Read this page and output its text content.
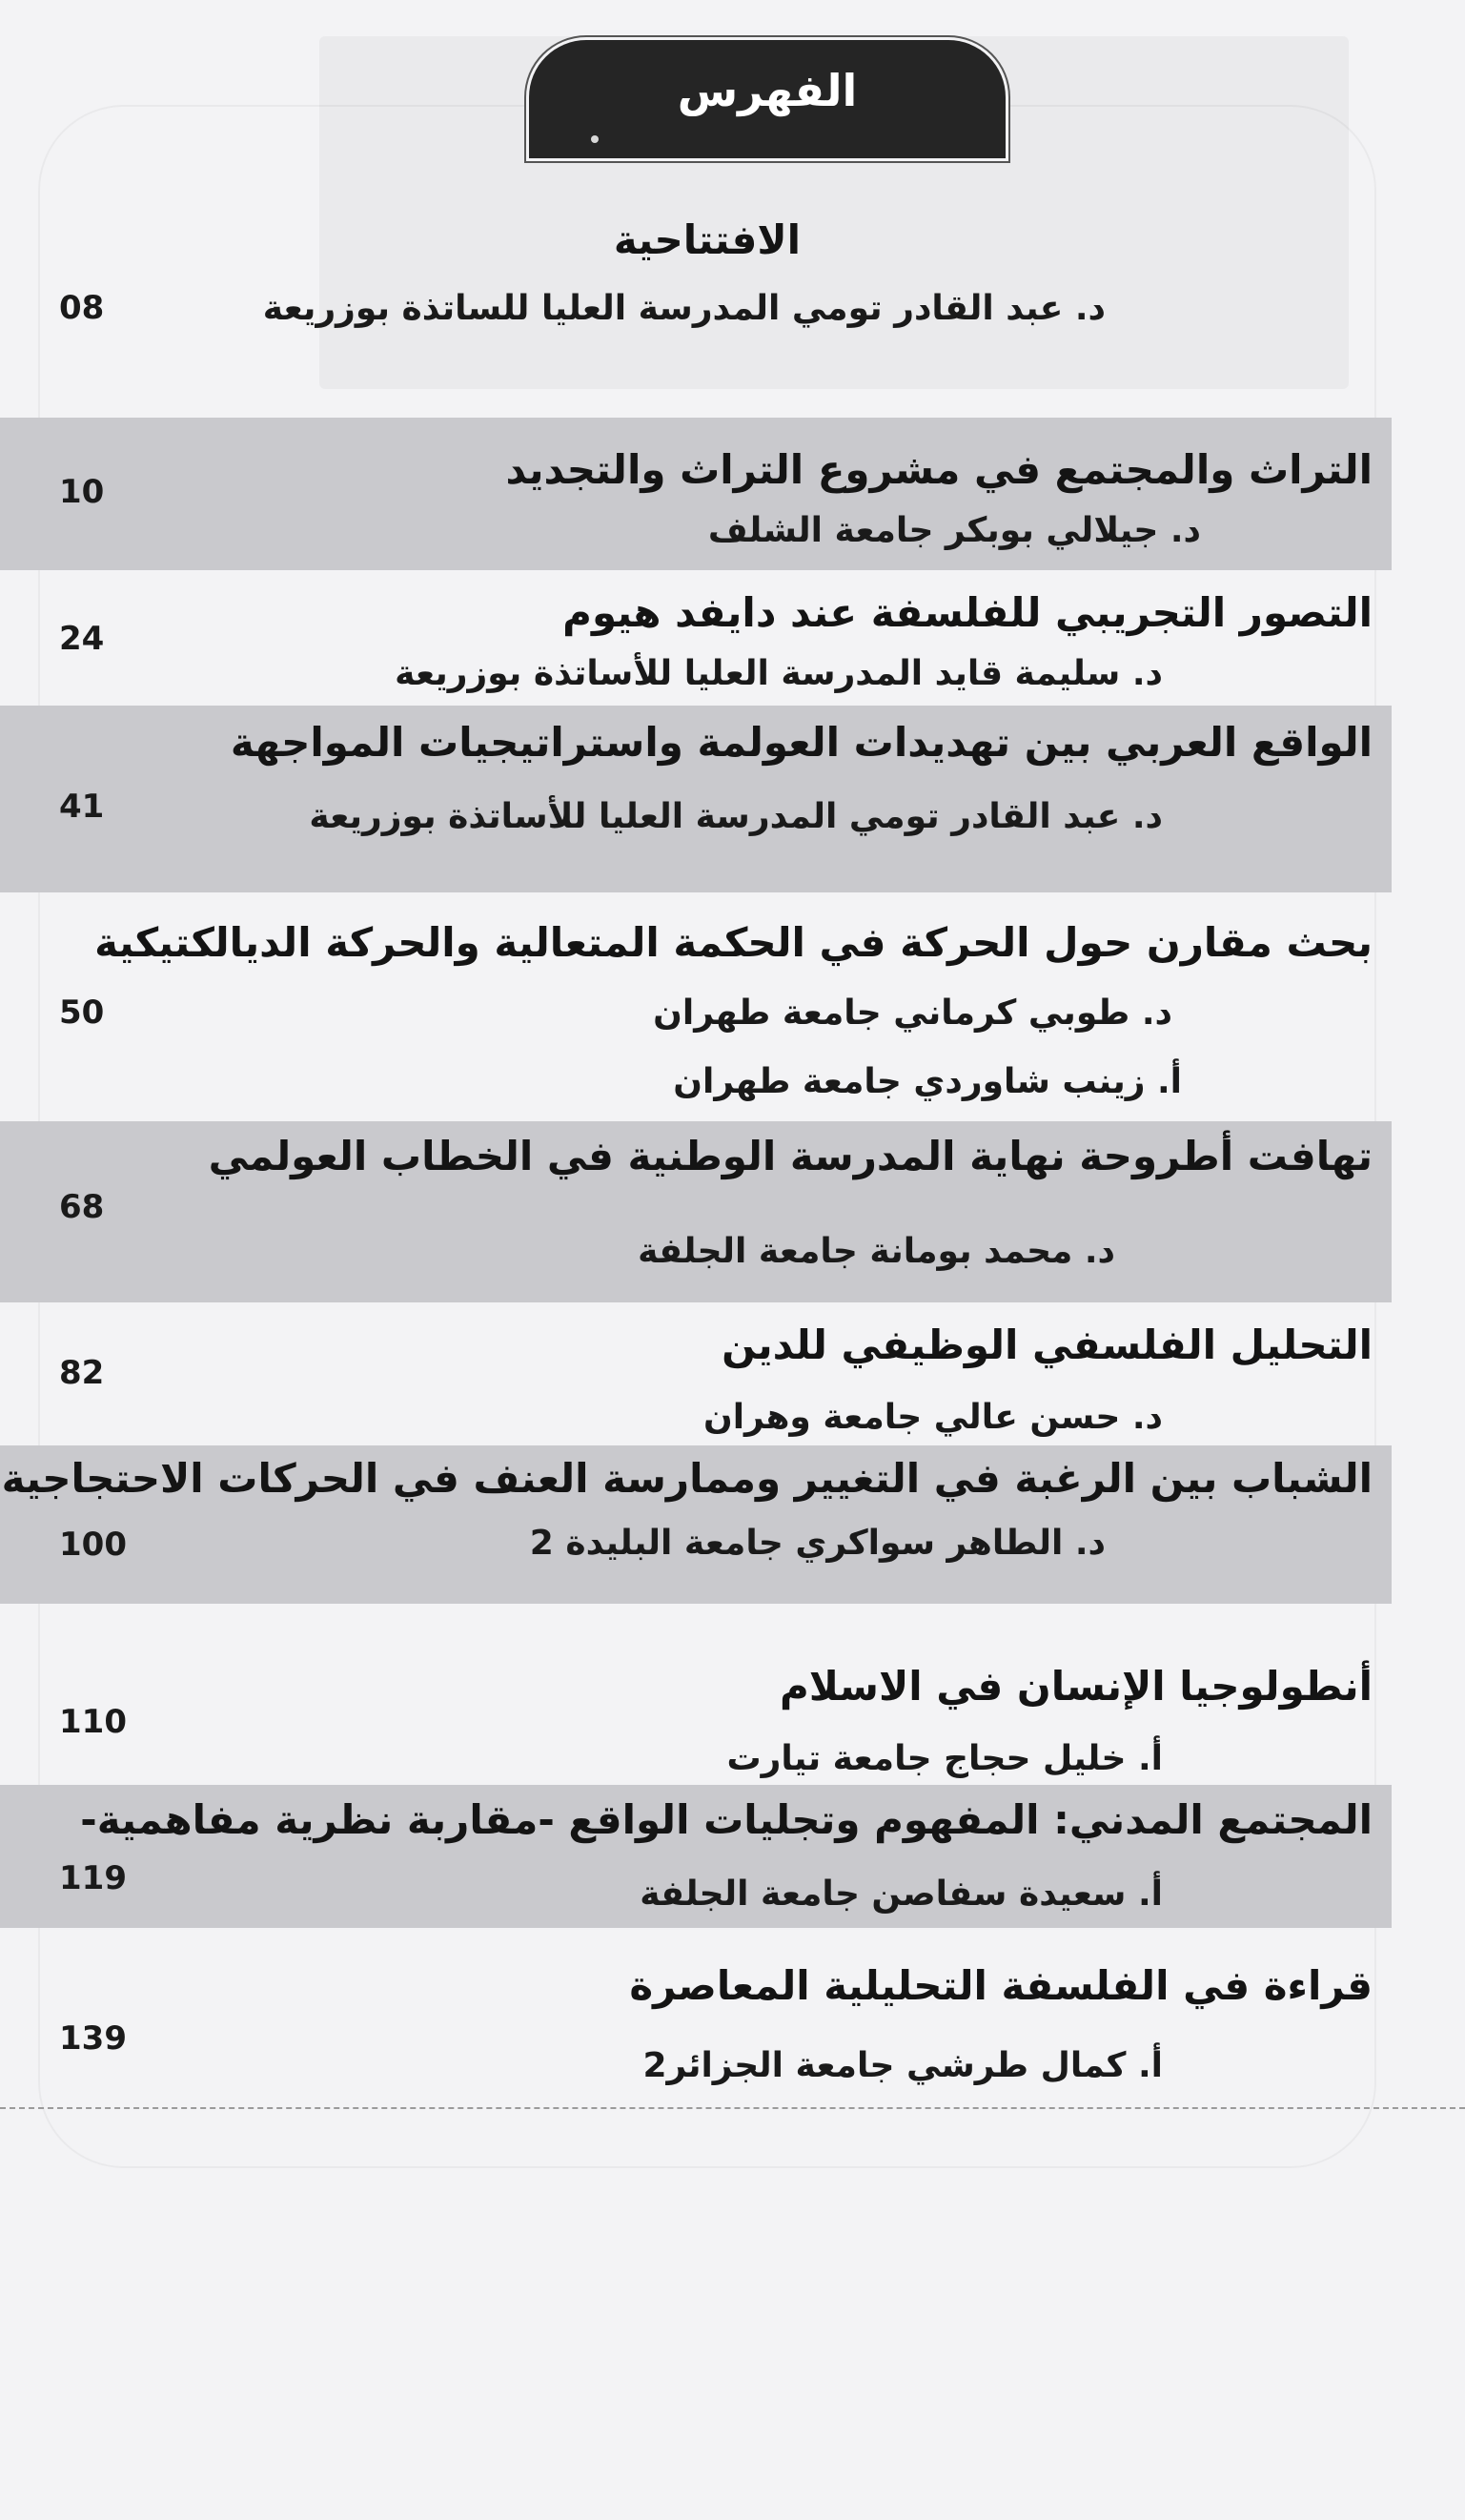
الفهرس
الافتتاحية
د. عبد القادر تومي المدرسة العليا للساتذة بوزريعة
08
التراث والمجتمع في مشروع التراث والتجديد
د. جيلالي بوبكر جامعة الشلف
10
التصور التجريبي للفلسفة عند دايفد هيوم
د. سليمة قايد المدرسة العليا للأساتذة بوزريعة
24
الواقع العربي بين تهديدات العولمة واستراتيجيات المواجهة
د. عبد القادر تومي المدرسة العليا للأساتذة بوزريعة
41
بحث مقارن حول الحركة في الحكمة المتعالية والحركة الديالكتيكية
د. طوبي كرماني جامعة طهران
أ. زينب شاوردي جامعة طهران
50
تهافت أطروحة نهاية المدرسة الوطنية في الخطاب العولمي
د. محمد بومانة جامعة الجلفة
68
التحليل الفلسفي الوظيفي للدين
د. حسن عالي جامعة وهران
82
الشباب بين الرغبة في التغيير وممارسة العنف في الحركات الاحتجاجية
د. الطاهر سواكري جامعة البليدة 2
100
أنطولوجيا الإنسان في الاسلام
أ. خليل حجاج جامعة تيارت
110
المجتمع المدني: المفهوم وتجليات الواقع -مقاربة نظرية مفاهمية-
أ. سعيدة سفاصن جامعة الجلفة
119
قراءة في الفلسفة التحليلية المعاصرة
أ. كمال طرشي جامعة الجزائر2
139
